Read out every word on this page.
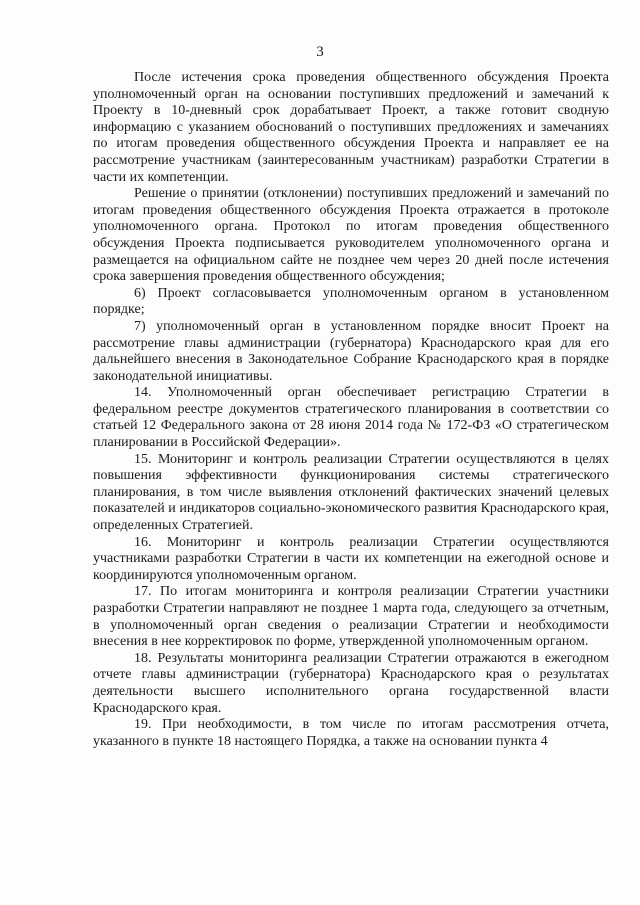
3

После истечения срока проведения общественного обсуждения Проекта уполномоченный орган на основании поступивших предложений и замечаний к Проекту в 10-дневный срок дорабатывает Проект, а также готовит сводную информацию с указанием обоснований о поступивших предложениях и замечаниях по итогам проведения общественного обсуждения Проекта и направляет ее на рассмотрение участникам (заинтересованным участникам) разработки Стратегии в части их компетенции.

Решение о принятии (отклонении) поступивших предложений и замечаний по итогам проведения общественного обсуждения Проекта отражается в протоколе уполномоченного органа. Протокол по итогам проведения общественного обсуждения Проекта подписывается руководителем уполномоченного органа и размещается на официальном сайте не позднее чем через 20 дней после истечения срока завершения проведения общественного обсуждения;

6) Проект согласовывается уполномоченным органом в установленном порядке;

7) уполномоченный орган в установленном порядке вносит Проект на рассмотрение главы администрации (губернатора) Краснодарского края для его дальнейшего внесения в Законодательное Собрание Краснодарского края в порядке законодательной инициативы.

14. Уполномоченный орган обеспечивает регистрацию Стратегии в федеральном реестре документов стратегического планирования в соответствии со статьей 12 Федерального закона от 28 июня 2014 года № 172-ФЗ «О стратегическом планировании в Российской Федерации».

15. Мониторинг и контроль реализации Стратегии осуществляются в целях повышения эффективности функционирования системы стратегического планирования, в том числе выявления отклонений фактических значений целевых показателей и индикаторов социально-экономического развития Краснодарского края, определенных Стратегией.

16. Мониторинг и контроль реализации Стратегии осуществляются участниками разработки Стратегии в части их компетенции на ежегодной основе и координируются уполномоченным органом.

17. По итогам мониторинга и контроля реализации Стратегии участники разработки Стратегии направляют не позднее 1 марта года, следующего за отчетным, в уполномоченный орган сведения о реализации Стратегии и необходимости внесения в нее корректировок по форме, утвержденной уполномоченным органом.

18. Результаты мониторинга реализации Стратегии отражаются в ежегодном отчете главы администрации (губернатора) Краснодарского края о результатах деятельности высшего исполнительного органа государственной власти Краснодарского края.

19. При необходимости, в том числе по итогам рассмотрения отчета, указанного в пункте 18 настоящего Порядка, а также на основании пункта 4
